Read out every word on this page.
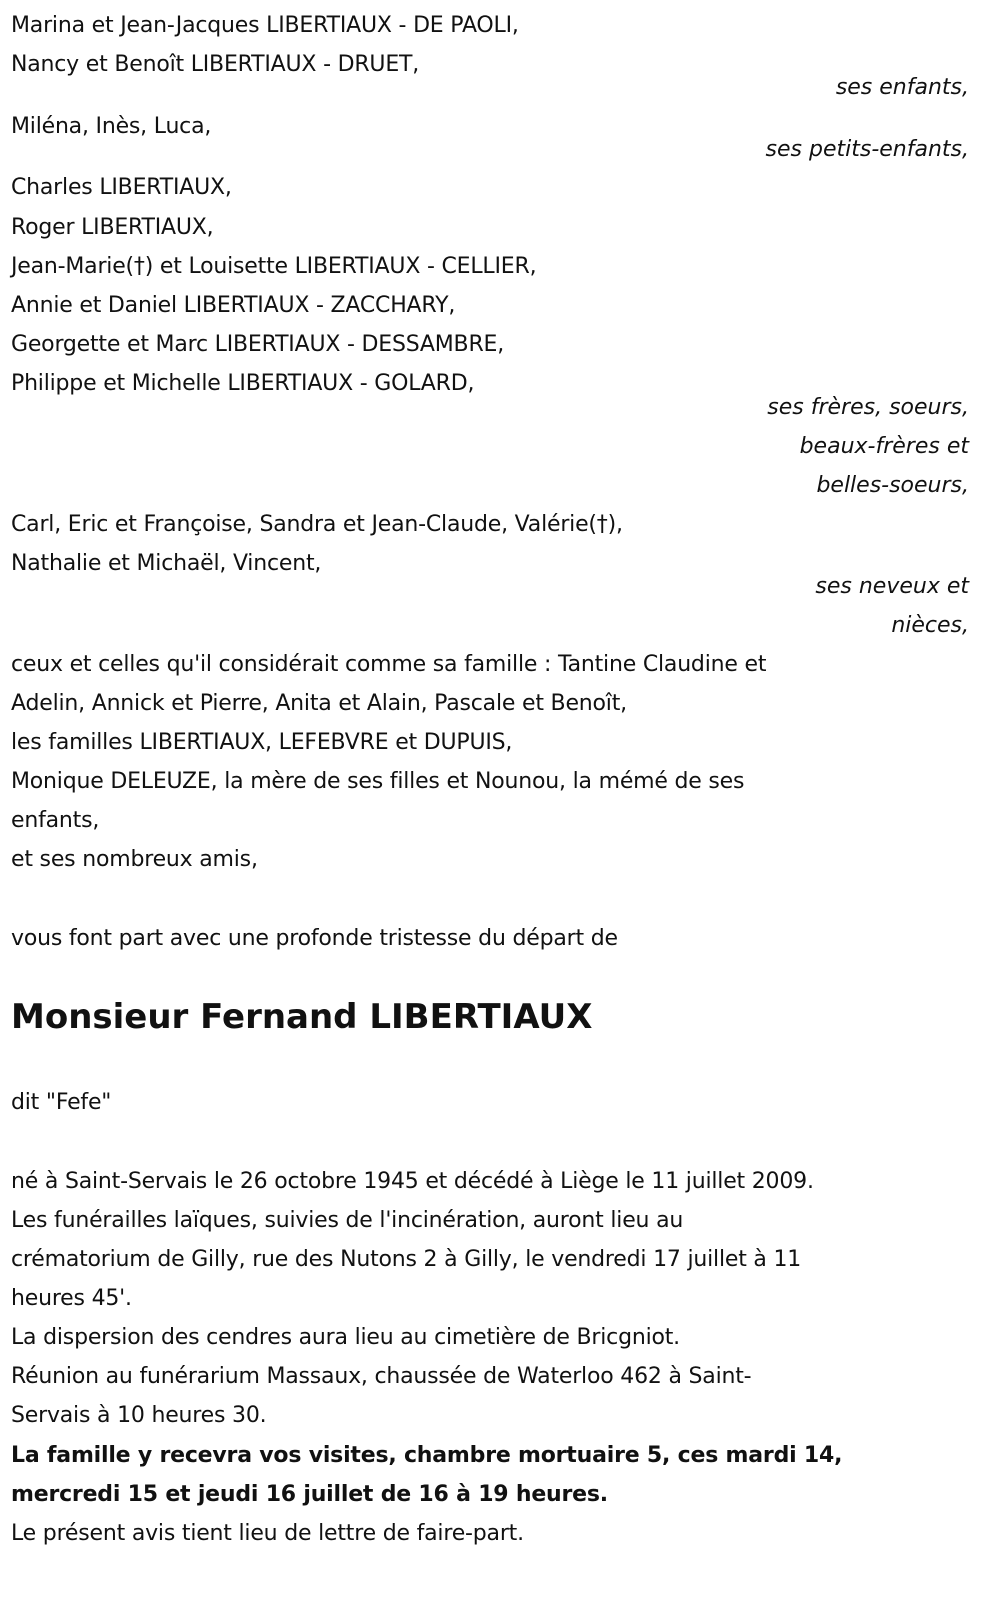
Marina et Jean-Jacques LIBERTIAUX - DE PAOLI,
Nancy et Benoît LIBERTIAUX - DRUET,
ses enfants,
Miléna, Inès, Luca,
ses petits-enfants,
Charles LIBERTIAUX,
Roger LIBERTIAUX,
Jean-Marie(†) et Louisette LIBERTIAUX - CELLIER,
Annie et Daniel LIBERTIAUX - ZACCHARY,
Georgette et Marc LIBERTIAUX - DESSAMBRE,
Philippe et Michelle LIBERTIAUX - GOLARD,
ses frères, soeurs,
beaux-frères et
belles-soeurs,
Carl, Eric et Françoise, Sandra et Jean-Claude, Valérie(†),
Nathalie et Michaël, Vincent,
ses neveux et
nièces,
ceux et celles qu'il considérait comme sa famille : Tantine Claudine et
Adelin, Annick et Pierre, Anita et Alain, Pascale et Benoît,
les familles LIBERTIAUX, LEFEBVRE et DUPUIS,
Monique DELEUZE, la mère de ses filles et Nounou, la mémé de ses
enfants,
et ses nombreux amis,
vous font part avec une profonde tristesse du départ de
Monsieur Fernand LIBERTIAUX
dit "Fefe"
né à Saint-Servais le 26 octobre 1945 et décédé à Liège le 11 juillet 2009.
Les funérailles laïques, suivies de l'incinération, auront lieu au
crématorium de Gilly, rue des Nutons 2 à Gilly, le vendredi 17 juillet à 11
heures 45'.
La dispersion des cendres aura lieu au cimetière de Bricgniot.
Réunion au funérarium Massaux, chaussée de Waterloo 462 à Saint-
Servais à 10 heures 30.
La famille y recevra vos visites, chambre mortuaire 5, ces mardi 14,
mercredi 15 et jeudi 16 juillet de 16 à 19 heures.
Le présent avis tient lieu de lettre de faire-part.
